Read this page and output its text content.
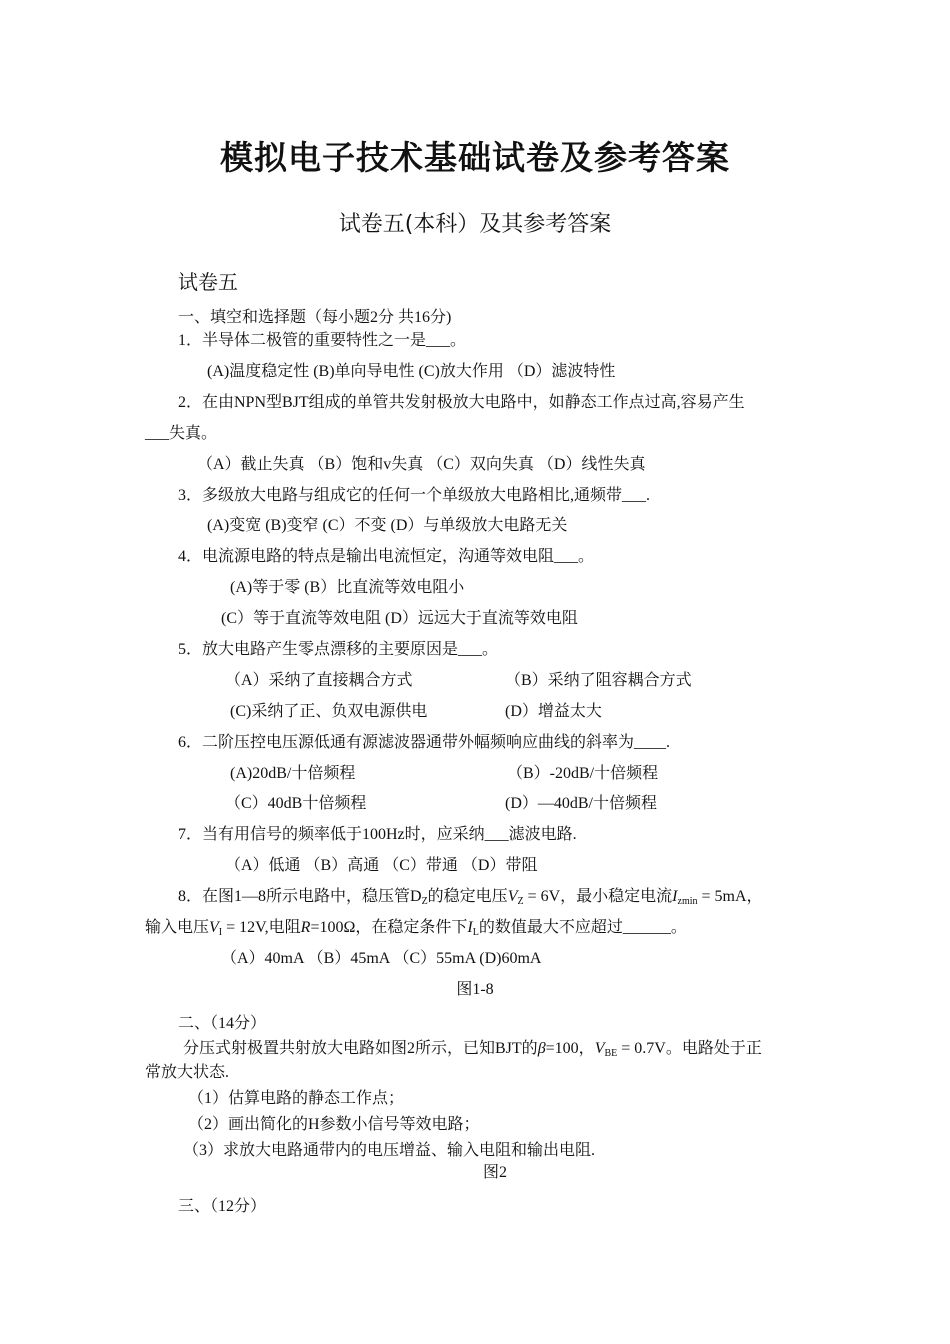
模拟电子技术基础试卷及参考答案
试卷五(本科）及其参考答案
试卷五
一、填空和选择题（每小题2分 共16分)
1．半导体二极管的重要特性之一是___。
(A)温度稳定性 (B)单向导电性 (C)放大作用 （D）滤波特性
2．在由NPN型BJT组成的单管共发射极放大电路中，如静态工作点过高,容易产生
___失真。
（A）截止失真 （B）饱和v失真 （C）双向失真 （D）线性失真
3．多级放大电路与组成它的任何一个单级放大电路相比,通频带___.
(A)变宽 (B)变窄 (C）不变 (D）与单级放大电路无关
4．电流源电路的特点是输出电流恒定，沟通等效电阻___。
(A)等于零 (B）比直流等效电阻小
(C）等于直流等效电阻 (D）远远大于直流等效电阻
5．放大电路产生零点漂移的主要原因是___。
（A）采纳了直接耦合方式	（B）采纳了阻容耦合方式
(C)采纳了正、负双电源供电	(D）增益太大
6．二阶压控电压源低通有源滤波器通带外幅频响应曲线的斜率为____.
(A)20dB/十倍频程	（B）-20dB/十倍频程
（C）40dB十倍频程	(D）—40dB/十倍频程
7．当有用信号的频率低于100Hz时，应采纳___滤波电路.
（A）低通 （B）高通 （C）带通 （D）带阻
8．在图1—8所示电路中，稳压管$D_Z$的稳定电压$V_Z = 6V$，最小稳定电流$I_{zmin} = 5mA$，
输入电压$V_I = 12V$,电阻R=100Ω，在稳定条件下$I_L$的数值最大不应超过______。
（A）40mA （B）45mA （C）55mA (D)60mA
图1-8
二、（14分）
分压式射极置共射放大电路如图2所示，已知BJT的β=100，$V_{BE} = 0.7V$。电路处于正
常放大状态.
（1）估算电路的静态工作点；
（2）画出简化的H参数小信号等效电路；
（3）求放大电路通带内的电压增益、输入电阻和输出电阻.
图2
三、（12分）
